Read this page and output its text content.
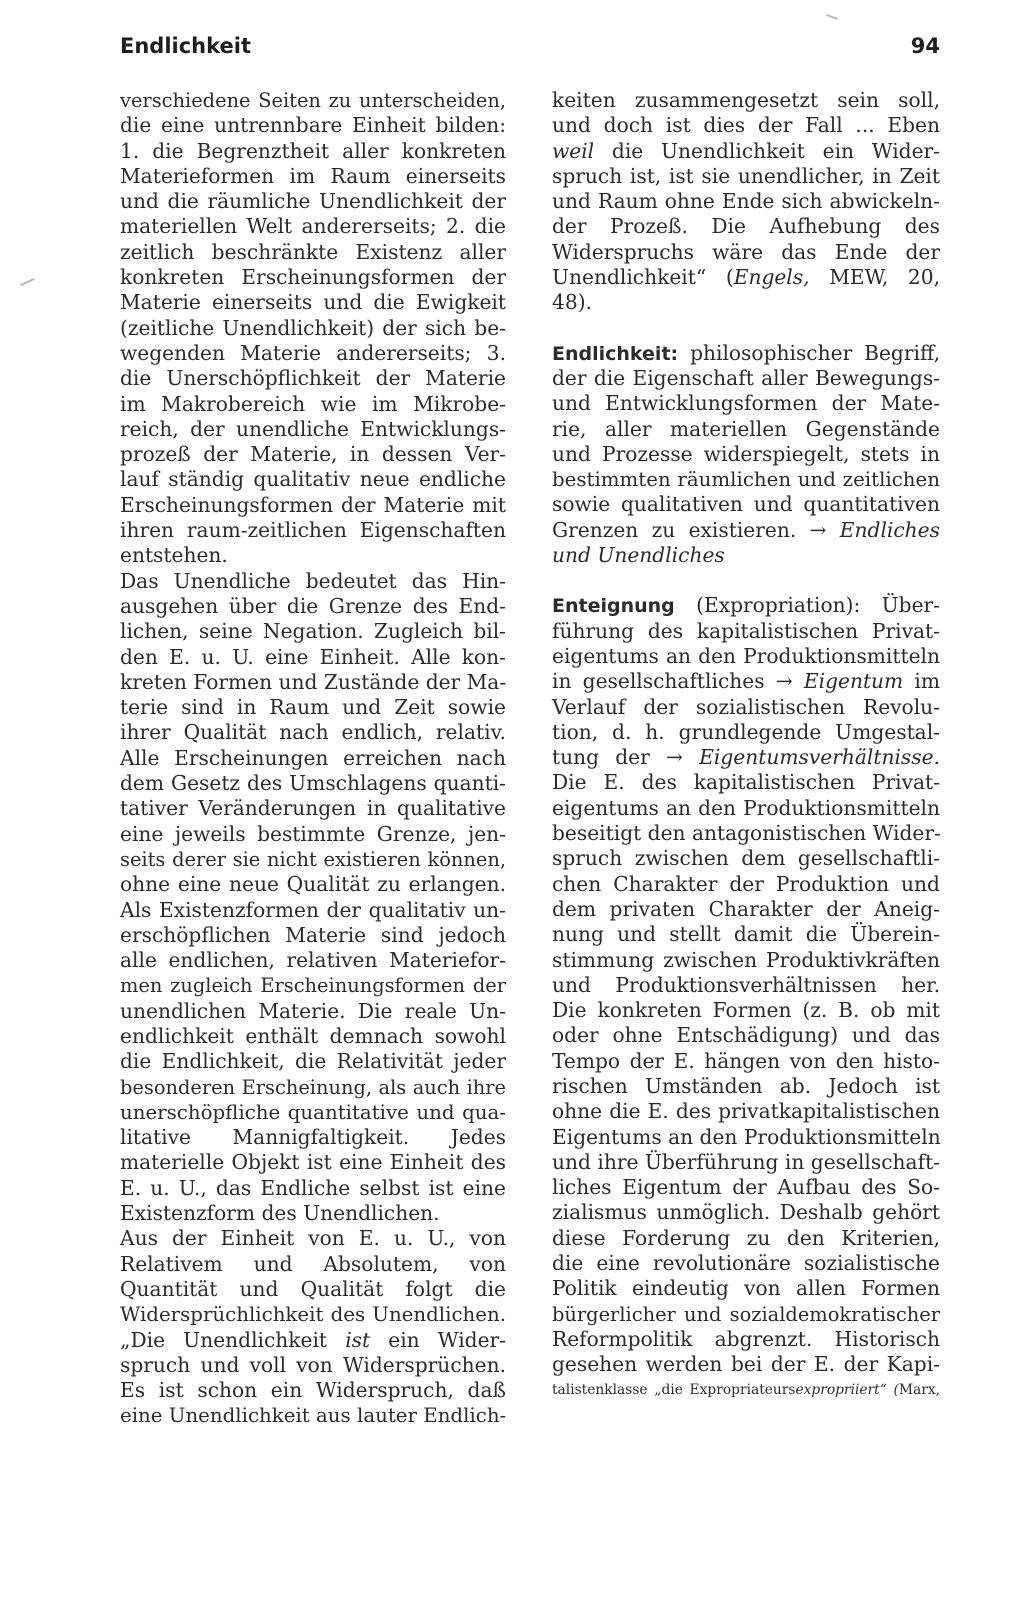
Endlichkeit	94
verschiedene Seiten zu unterscheiden,
die eine untrennbare Einheit bilden:
1. die Begrenztheit aller konkreten
Materieformen im Raum einerseits
und die räumliche Unendlichkeit der
materiellen Welt andererseits; 2. die
zeitlich beschränkte Existenz aller
konkreten Erscheinungsformen der
Materie einerseits und die Ewigkeit
(zeitliche Unendlichkeit) der sich be-
wegenden Materie andererseits; 3.
die Unerschöpflichkeit der Materie
im Makrobereich wie im Mikrobe-
reich, der unendliche Entwicklungs-
prozeß der Materie, in dessen Ver-
lauf ständig qualitativ neue endliche
Erscheinungsformen der Materie mit
ihren raum-zeitlichen Eigenschaften
entstehen.
Das Unendliche bedeutet das Hin-
ausgehen über die Grenze des End-
lichen, seine Negation. Zugleich bil-
den E. u. U. eine Einheit. Alle kon-
kreten Formen und Zustände der Ma-
terie sind in Raum und Zeit sowie
ihrer Qualität nach endlich, relativ.
Alle Erscheinungen erreichen nach
dem Gesetz des Umschlagens quanti-
tativer Veränderungen in qualitative
eine jeweils bestimmte Grenze, jen-
seits derer sie nicht existieren können,
ohne eine neue Qualität zu erlangen.
Als Existenzformen der qualitativ un-
erschöpflichen Materie sind jedoch
alle endlichen, relativen Materiefor-
men zugleich Erscheinungsformen der
unendlichen Materie. Die reale Un-
endlichkeit enthält demnach sowohl
die Endlichkeit, die Relativität jeder
besonderen Erscheinung, als auch ihre
unerschöpfliche quantitative und qua-
litative Mannigfaltigkeit. Jedes
materielle Objekt ist eine Einheit des
E. u. U., das Endliche selbst ist eine
Existenzform des Unendlichen.
Aus der Einheit von E. u. U., von
Relativem und Absolutem, von
Quantität und Qualität folgt die
Widersprüchlichkeit des Unendlichen.
„Die Unendlichkeit ist ein Wider-
spruch und voll von Widersprüchen.
Es ist schon ein Widerspruch, daß
eine Unendlichkeit aus lauter Endlich-
keiten zusammengesetzt sein soll,
und doch ist dies der Fall ... Eben
weil die Unendlichkeit ein Wider-
spruch ist, ist sie unendlicher, in Zeit
und Raum ohne Ende sich abwickeln-
der Prozeß. Die Aufhebung des
Widerspruchs wäre das Ende der
Unendlichkeit“ (Engels, MEW, 20,
48).
Endlichkeit: philosophischer Begriff,
der die Eigenschaft aller Bewegungs-
und Entwicklungsformen der Mate-
rie, aller materiellen Gegenstände
und Prozesse widerspiegelt, stets in
bestimmten räumlichen und zeitlichen
sowie qualitativen und quantitativen
Grenzen zu existieren. → Endliches
und Unendliches
Enteignung (Expropriation): Über-
führung des kapitalistischen Privat-
eigentums an den Produktionsmitteln
in gesellschaftliches → Eigentum im
Verlauf der sozialistischen Revolu-
tion, d. h. grundlegende Umgestal-
tung der → Eigentumsverhältnisse.
Die E. des kapitalistischen Privat-
eigentums an den Produktionsmitteln
beseitigt den antagonistischen Wider-
spruch zwischen dem gesellschaftli-
chen Charakter der Produktion und
dem privaten Charakter der Aneig-
nung und stellt damit die Überein-
stimmung zwischen Produktivkräften
und Produktionsverhältnissen her.
Die konkreten Formen (z. B. ob mit
oder ohne Entschädigung) und das
Tempo der E. hängen von den histo-
rischen Umständen ab. Jedoch ist
ohne die E. des privatkapitalistischen
Eigentums an den Produktionsmitteln
und ihre Überführung in gesellschaft-
liches Eigentum der Aufbau des So-
zialismus unmöglich. Deshalb gehört
diese Forderung zu den Kriterien,
die eine revolutionäre sozialistische
Politik eindeutig von allen Formen
bürgerlicher und sozialdemokratischer
Reformpolitik abgrenzt. Historisch
gesehen werden bei der E. der Kapi-
talistenklasse „die Expropriateursexpropriiert“ (Marx,
